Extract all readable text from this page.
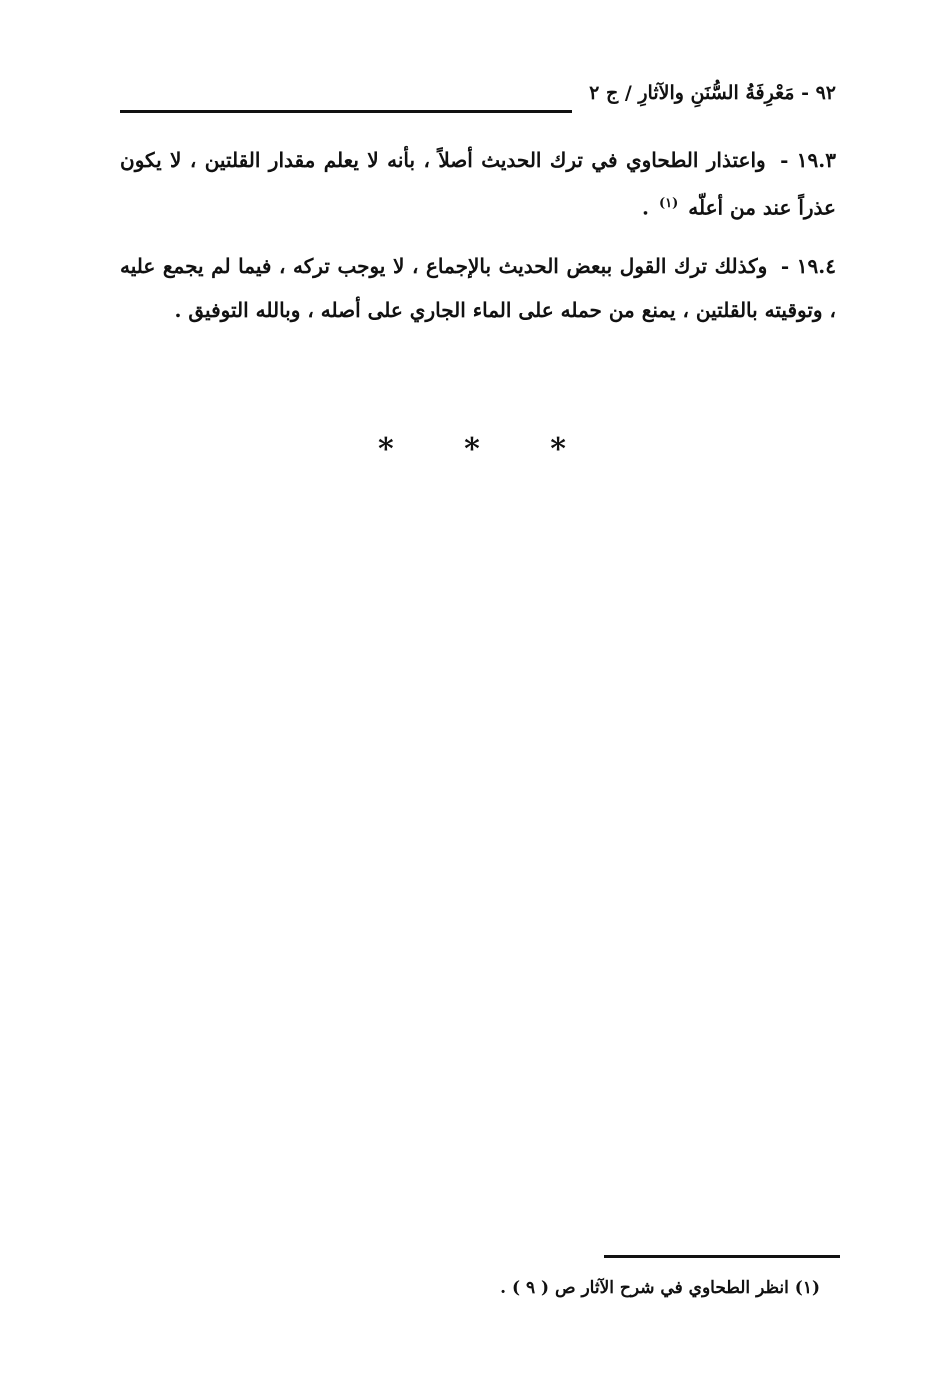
٩٢ - مَعْرِفَةُ السُّنَنِ والآثارِ / ج ٢

١٩.٣ - واعتذار الطحاوي في ترك الحديث أصلاً ، بأنه لا يعلم مقدار القلتين ، لا يكون عذراً عند من أعلّه $^{(١)}$ .

١٩.٤ - وكذلك ترك القول ببعض الحديث بالإجماع ، لا يوجب تركه ، فيما لم يجمع عليه ، وتوقيته بالقلتين ، يمنع من حمله على الماء الجاري على أصله ، وبالله التوفيق .

* * *
(١) انظر الطحاوي في شرح الآثار ص ( ٩ ) .
